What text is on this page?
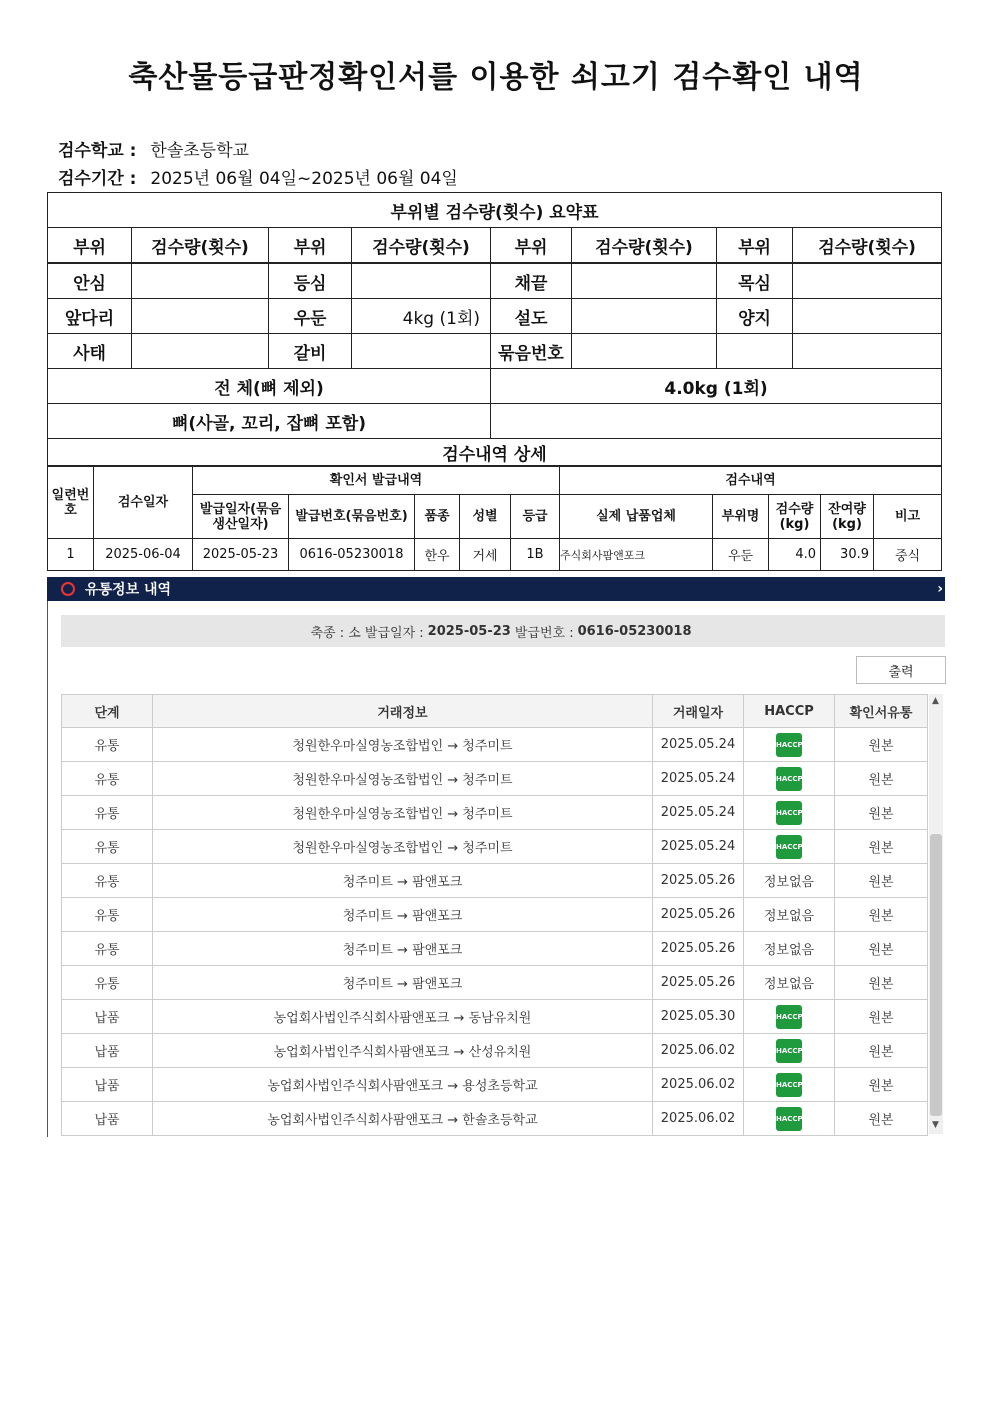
축산물등급판정확인서를 이용한 쇠고기 검수확인 내역
검수학교 : 한솔초등학교
검수기간 : 2025년 06월 04일~2025년 06월 04일
부위별 검수량(횟수) 요약표							
부위	검수량(횟수)	부위	검수량(횟수)	부위	검수량(횟수)	부위	검수량(횟수)
안심		등심		채끝		목심	
앞다리		우둔	4kg (1회)	설도		양지	
사태		갈비		묶음번호			
전 체(뼈 제외)				4.0kg (1회)			
뼈(사골, 꼬리, 잡뼈 포함)							
검수내역 상세							
일련번호	검수일자	확인서 발급내역					검수내역				
		발급일자(묶음 생산일자)	발급번호(묶음번호)	품종	성별	등급	실제 납품업체	부위명	검수량(kg)	잔여량(kg)	비고
1	2025-06-04	2025-05-23	0616-05230018	한우	거세	1B	주식회사팜앤포크	우둔	4.0	30.9	중식
유통정보 내역	›
축종 : 소 발급일자 : 2025-05-23 발급번호 : 0616-05230018
출력
단계	거래정보	거래일자	HACCP	확인서유통
유통	청원한우마실영농조합법인 → 청주미트	2025.05.24	HACCP	원본
유통	청원한우마실영농조합법인 → 청주미트	2025.05.24	HACCP	원본
유통	청원한우마실영농조합법인 → 청주미트	2025.05.24	HACCP	원본
유통	청원한우마실영농조합법인 → 청주미트	2025.05.24	HACCP	원본
유통	청주미트 → 팜앤포크	2025.05.26	정보없음	원본
유통	청주미트 → 팜앤포크	2025.05.26	정보없음	원본
유통	청주미트 → 팜앤포크	2025.05.26	정보없음	원본
유통	청주미트 → 팜앤포크	2025.05.26	정보없음	원본
납품	농업회사법인주식회사팜앤포크 → 동남유치원	2025.05.30	HACCP	원본
납품	농업회사법인주식회사팜앤포크 → 산성유치원	2025.06.02	HACCP	원본
납품	농업회사법인주식회사팜앤포크 → 용성초등학교	2025.06.02	HACCP	원본
납품	농업회사법인주식회사팜앤포크 → 한솔초등학교	2025.06.02	HACCP	원본
▲
▼
